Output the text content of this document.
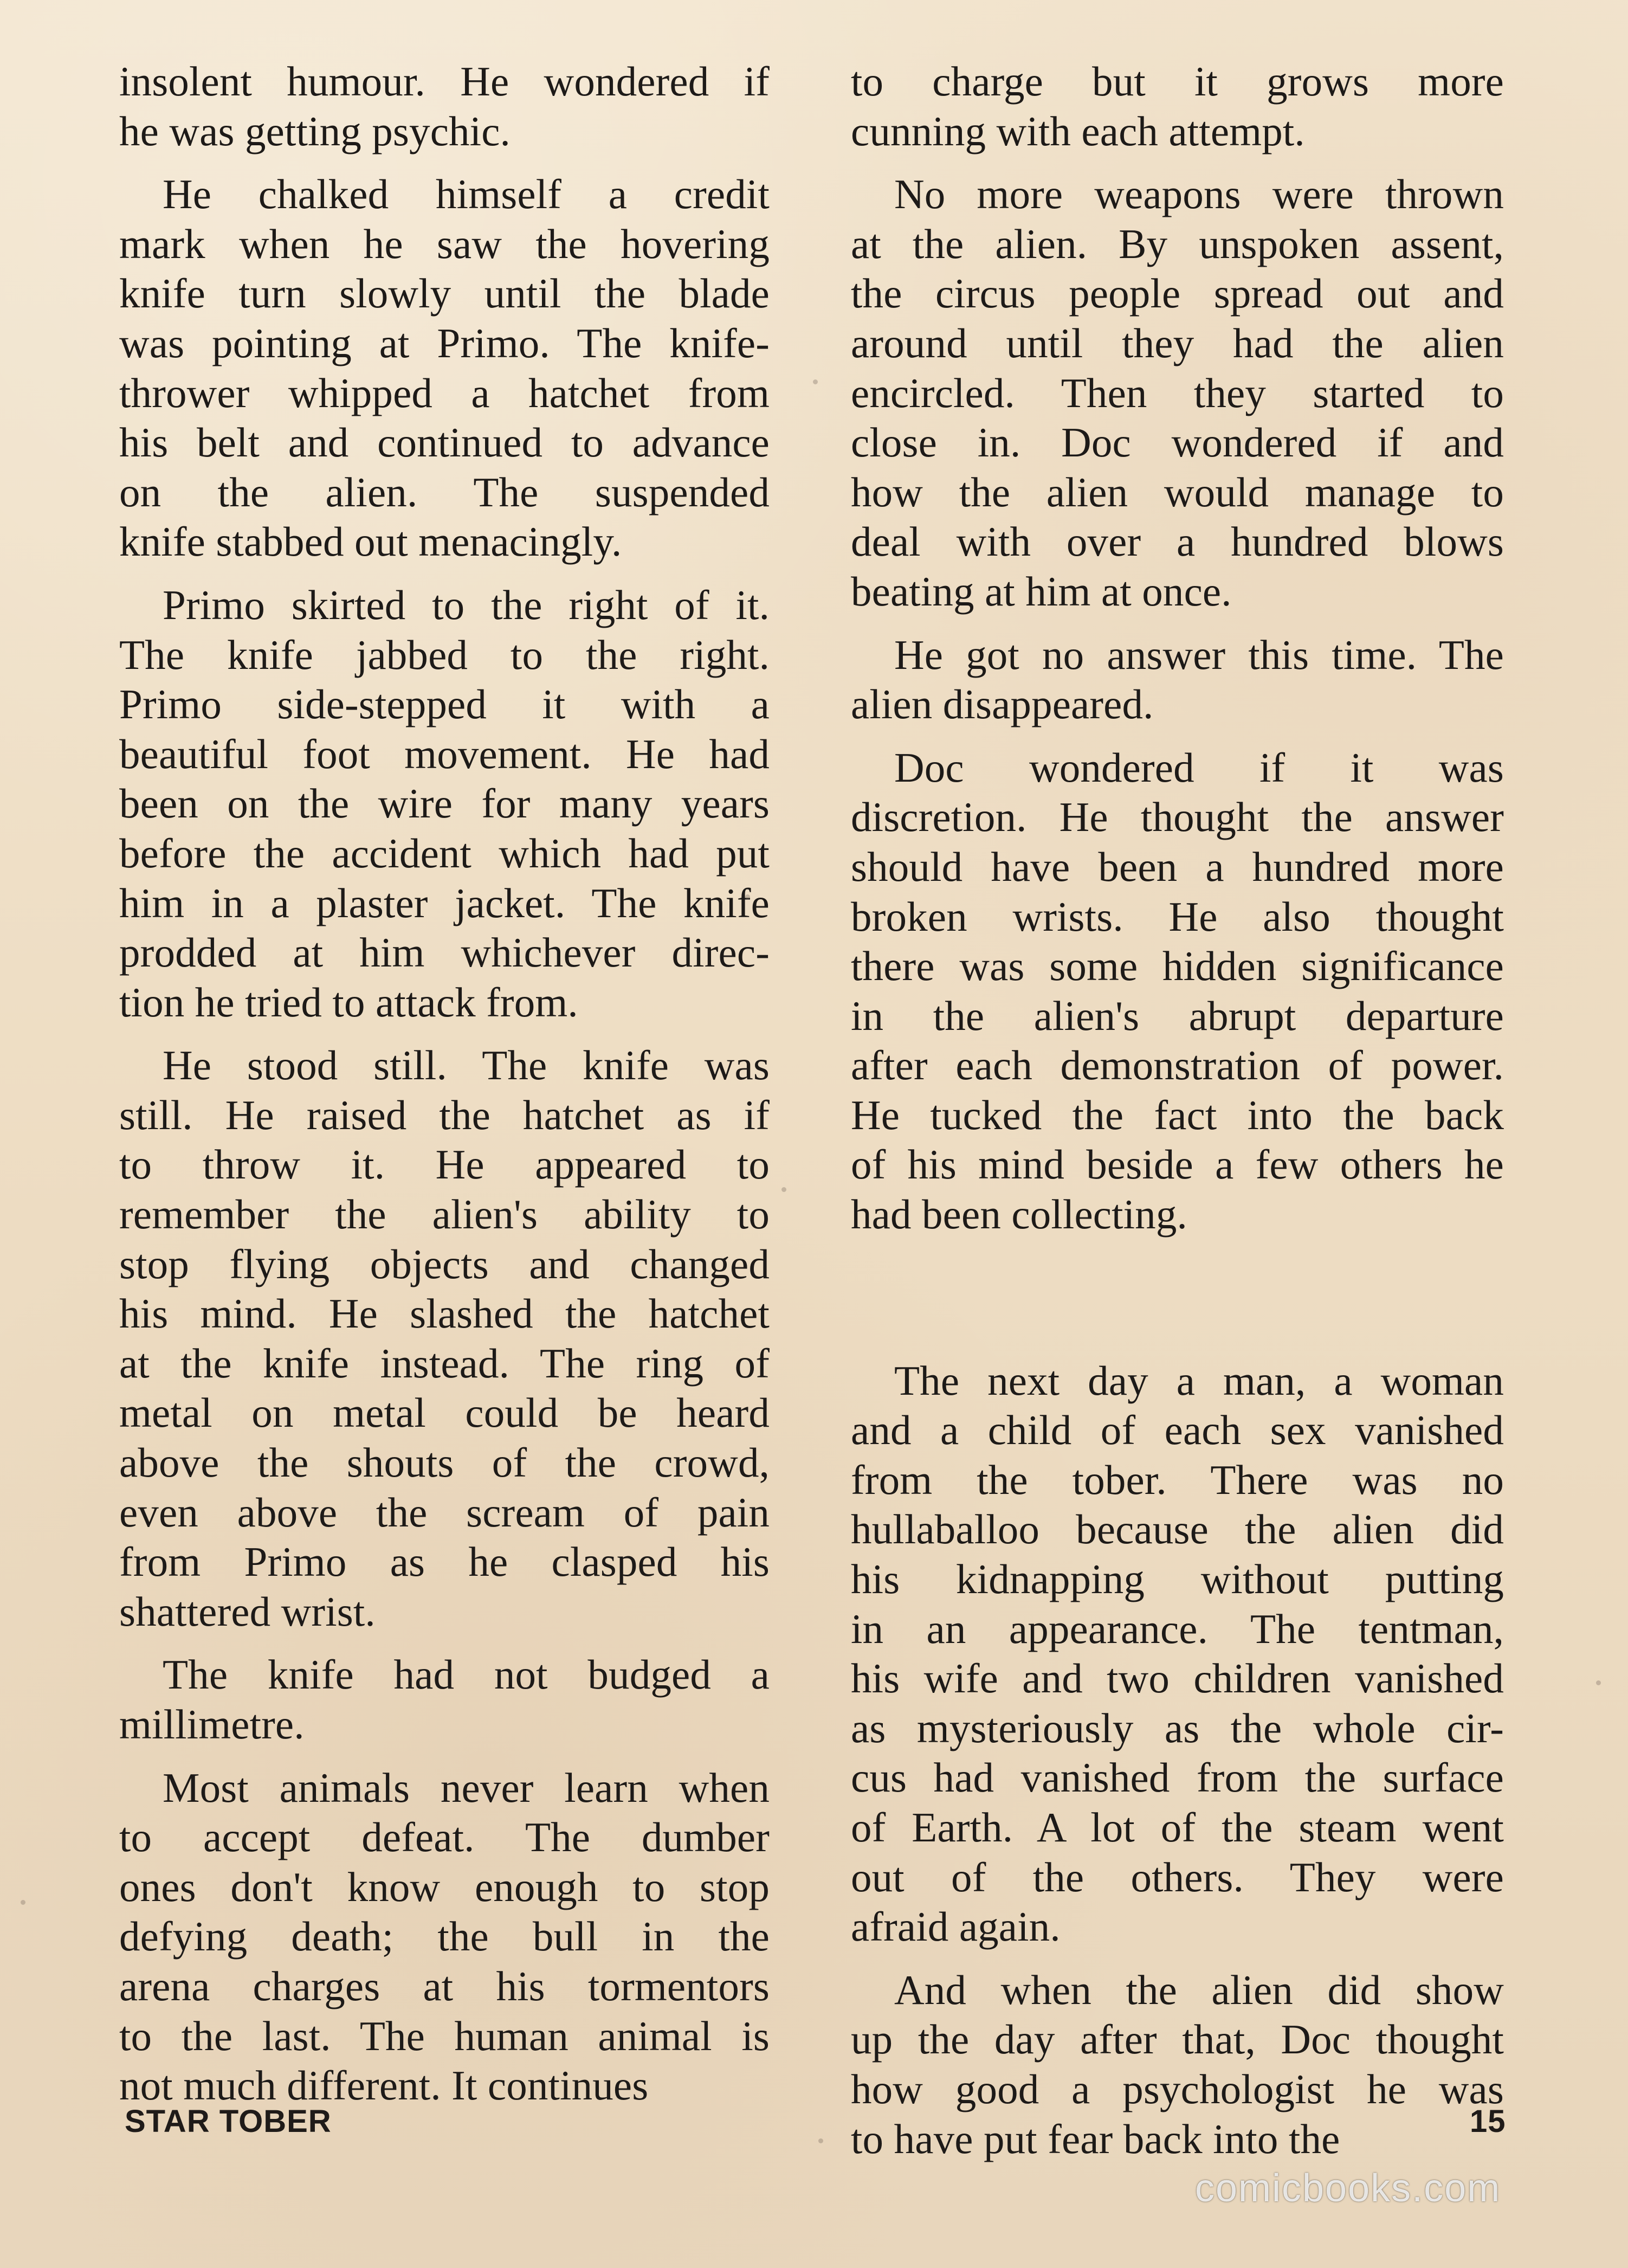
insolent humour. He wondered if
he was getting psychic.
He chalked himself a credit
mark when he saw the hovering
knife turn slowly until the blade
was pointing at Primo. The knife-
thrower whipped a hatchet from
his belt and continued to advance
on the alien. The suspended
knife stabbed out menacingly.
Primo skirted to the right of it.
The knife jabbed to the right.
Primo side-stepped it with a
beautiful foot movement. He had
been on the wire for many years
before the accident which had put
him in a plaster jacket. The knife
prodded at him whichever direc-
tion he tried to attack from.
He stood still. The knife was
still. He raised the hatchet as if
to throw it. He appeared to
remember the alien's ability to
stop flying objects and changed
his mind. He slashed the hatchet
at the knife instead. The ring of
metal on metal could be heard
above the shouts of the crowd,
even above the scream of pain
from Primo as he clasped his
shattered wrist.
The knife had not budged a
millimetre.
Most animals never learn when
to accept defeat. The dumber
ones don't know enough to stop
defying death; the bull in the
arena charges at his tormentors
to the last. The human animal is
not much different. It continues
to charge but it grows more
cunning with each attempt.
No more weapons were thrown
at the alien. By unspoken assent,
the circus people spread out and
around until they had the alien
encircled. Then they started to
close in. Doc wondered if and
how the alien would manage to
deal with over a hundred blows
beating at him at once.
He got no answer this time. The
alien disappeared.
Doc wondered if it was
discretion. He thought the answer
should have been a hundred more
broken wrists. He also thought
there was some hidden significance
in the alien's abrupt departure
after each demonstration of power.
He tucked the fact into the back
of his mind beside a few others he
had been collecting.
The next day a man, a woman
and a child of each sex vanished
from the tober. There was no
hullaballoo because the alien did
his kidnapping without putting
in an appearance. The tentman,
his wife and two children vanished
as mysteriously as the whole cir-
cus had vanished from the surface
of Earth. A lot of the steam went
out of the others. They were
afraid again.
And when the alien did show
up the day after that, Doc thought
how good a psychologist he was
to have put fear back into the
STAR TOBER	15
comicbooks.com
